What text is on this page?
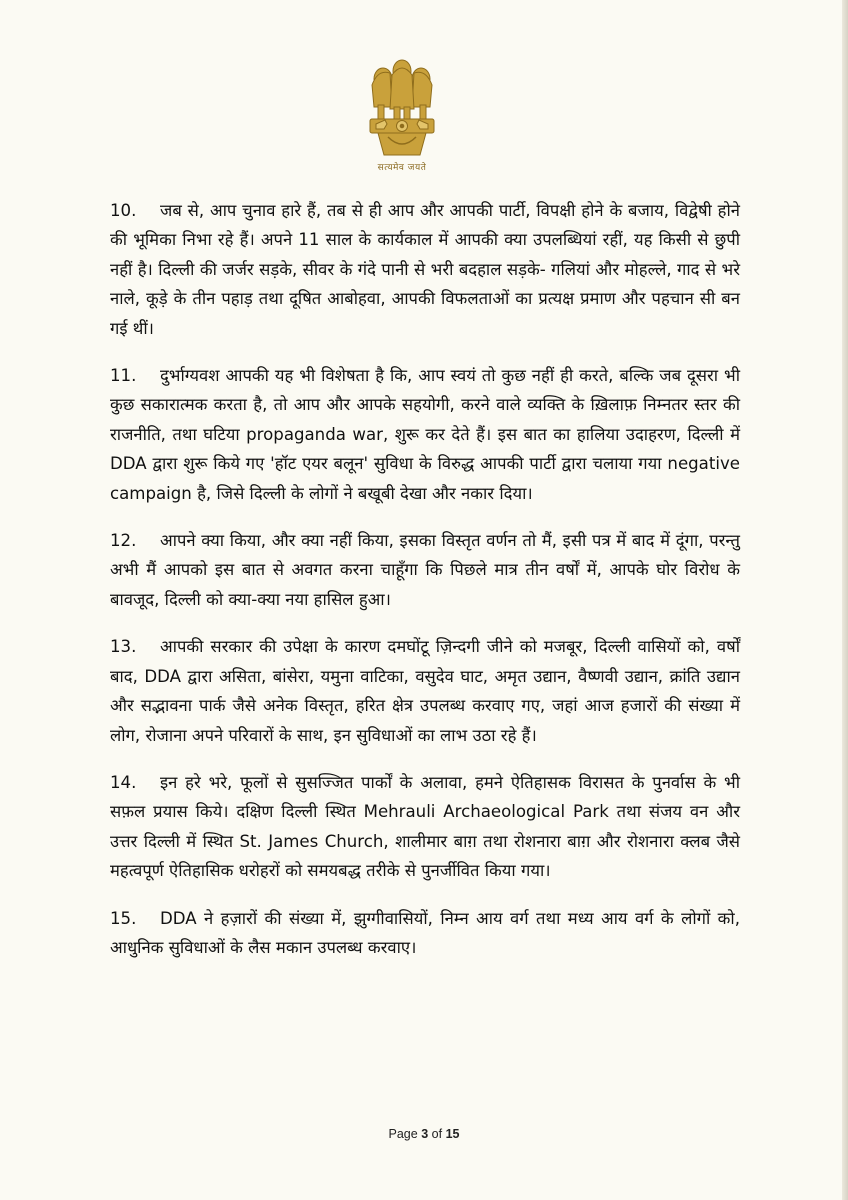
सत्यमेव जयते

10. जब से, आप चुनाव हारे हैं, तब से ही आप और आपकी पार्टी, विपक्षी होने के बजाय, विद्वेषी होने की भूमिका निभा रहे हैं। अपने 11 साल के कार्यकाल में आपकी क्या उपलब्धियां रहीं, यह किसी से छुपी नहीं है। दिल्ली की जर्जर सड़के, सीवर के गंदे पानी से भरी बदहाल सड़के- गलियां और मोहल्ले, गाद से भरे नाले, कूड़े के तीन पहाड़ तथा दूषित आबोहवा, आपकी विफलताओं का प्रत्यक्ष प्रमाण और पहचान सी बन गई थीं।

11. दुर्भाग्यवश आपकी यह भी विशेषता है कि, आप स्वयं तो कुछ नहीं ही करते, बल्कि जब दूसरा भी कुछ सकारात्मक करता है, तो आप और आपके सहयोगी, करने वाले व्यक्ति के ख़िलाफ़ निम्नतर स्तर की राजनीति, तथा घटिया propaganda war, शुरू कर देते हैं। इस बात का हालिया उदाहरण, दिल्ली में DDA द्वारा शुरू किये गए 'हॉट एयर बलून' सुविधा के विरुद्ध आपकी पार्टी द्वारा चलाया गया negative campaign है, जिसे दिल्ली के लोगों ने बखूबी देखा और नकार दिया।

12. आपने क्या किया, और क्या नहीं किया, इसका विस्तृत वर्णन तो मैं, इसी पत्र में बाद में दूंगा, परन्तु अभी मैं आपको इस बात से अवगत करना चाहूँगा कि पिछले मात्र तीन वर्षों में, आपके घोर विरोध के बावजूद, दिल्ली को क्या-क्या नया हासिल हुआ।

13. आपकी सरकार की उपेक्षा के कारण दमघोंटू ज़िन्दगी जीने को मजबूर, दिल्ली वासियों को, वर्षों बाद, DDA द्वारा असिता, बांसेरा, यमुना वाटिका, वसुदेव घाट, अमृत उद्यान, वैष्णवी उद्यान, क्रांति उद्यान और सद्भावना पार्क जैसे अनेक विस्तृत, हरित क्षेत्र उपलब्ध करवाए गए, जहां आज हजारों की संख्या में लोग, रोजाना अपने परिवारों के साथ, इन सुविधाओं का लाभ उठा रहे हैं।

14. इन हरे भरे, फूलों से सुसज्जित पार्कों के अलावा, हमने ऐतिहासक विरासत के पुनर्वास के भी सफ़ल प्रयास किये। दक्षिण दिल्ली स्थित Mehrauli Archaeological Park तथा संजय वन और उत्तर दिल्ली में स्थित St. James Church, शालीमार बाग़ तथा रोशनारा बाग़ और रोशनारा क्लब जैसे महत्वपूर्ण ऐतिहासिक धरोहरों को समयबद्ध तरीके से पुनर्जीवित किया गया।

15. DDA ने हज़ारों की संख्या में, झुग्गीवासियों, निम्न आय वर्ग तथा मध्य आय वर्ग के लोगों को, आधुनिक सुविधाओं के लैस मकान उपलब्ध करवाए।

Page 3 of 15
